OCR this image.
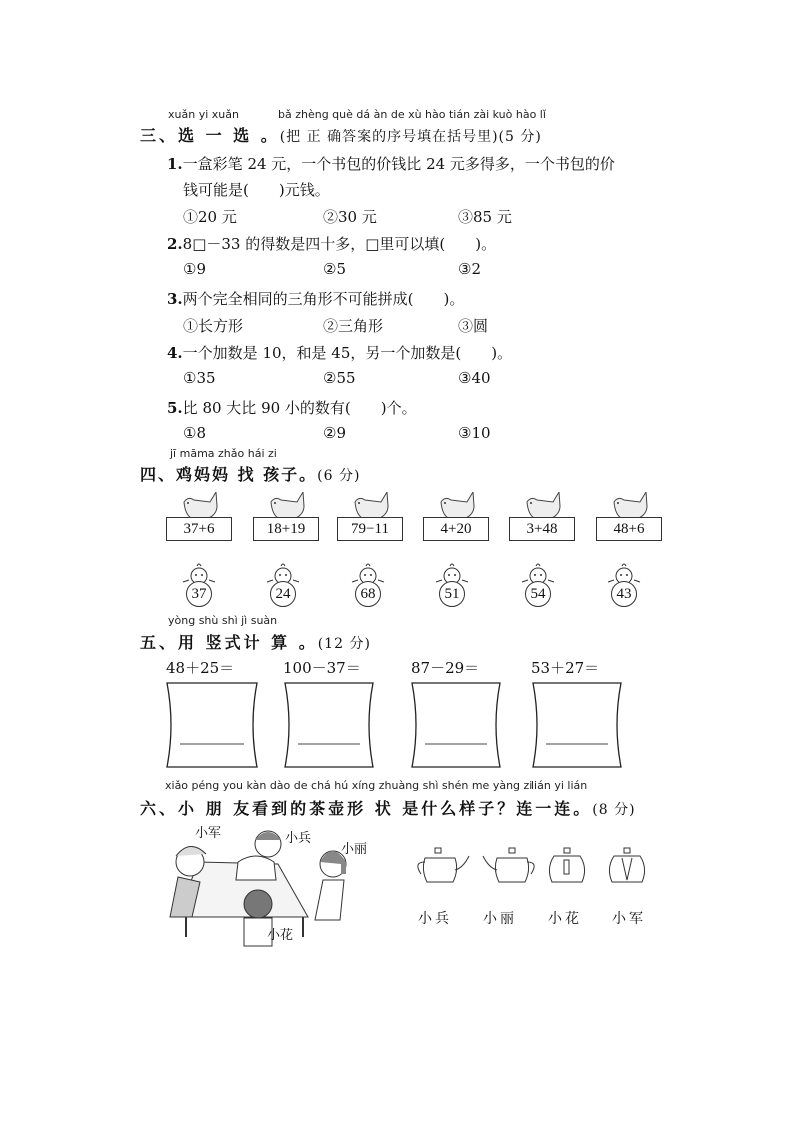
xuǎn yi xuǎn	bǎ zhèng què dá àn de xù hào tián zài kuò hào lǐ
三、选 一 选 。(把 正 确答案的序号填在括号里)(5 分)
1.一盒彩笔 24 元，一个书包的价钱比 24 元多得多，一个书包的价
钱可能是(　　)元钱。
①20 元	②30 元	③85 元
2.8□－33 的得数是四十多，□里可以填(　　)。
①9	②5	③2
3.两个完全相同的三角形不可能拼成(　　)。
①长方形	②三角形	③圆
4.一个加数是 10，和是 45，另一个加数是(　　)。
①35	②55	③40
5.比 80 大比 90 小的数有(　　)个。
①8	②9	③10
jī māma zhǎo hái zi
四、鸡妈妈 找 孩子。(6 分)
37+6	18+19	79−11	4+20	3+48	48+6
37	24	68	51	54	43
yòng shù shì jì suàn
五、用 竖式计 算 。(12 分)
48＋25＝	100－37＝	87－29＝	53＋27＝
xiǎo péng you kàn dào de chá hú xíng zhuàng shì shén me yàng zi
lián yi lián
六、小 朋 友看到的茶壶形 状 是什么样子？连一连。(8 分)
小军	小兵
小丽
小花
小兵 小丽 小花 小军
